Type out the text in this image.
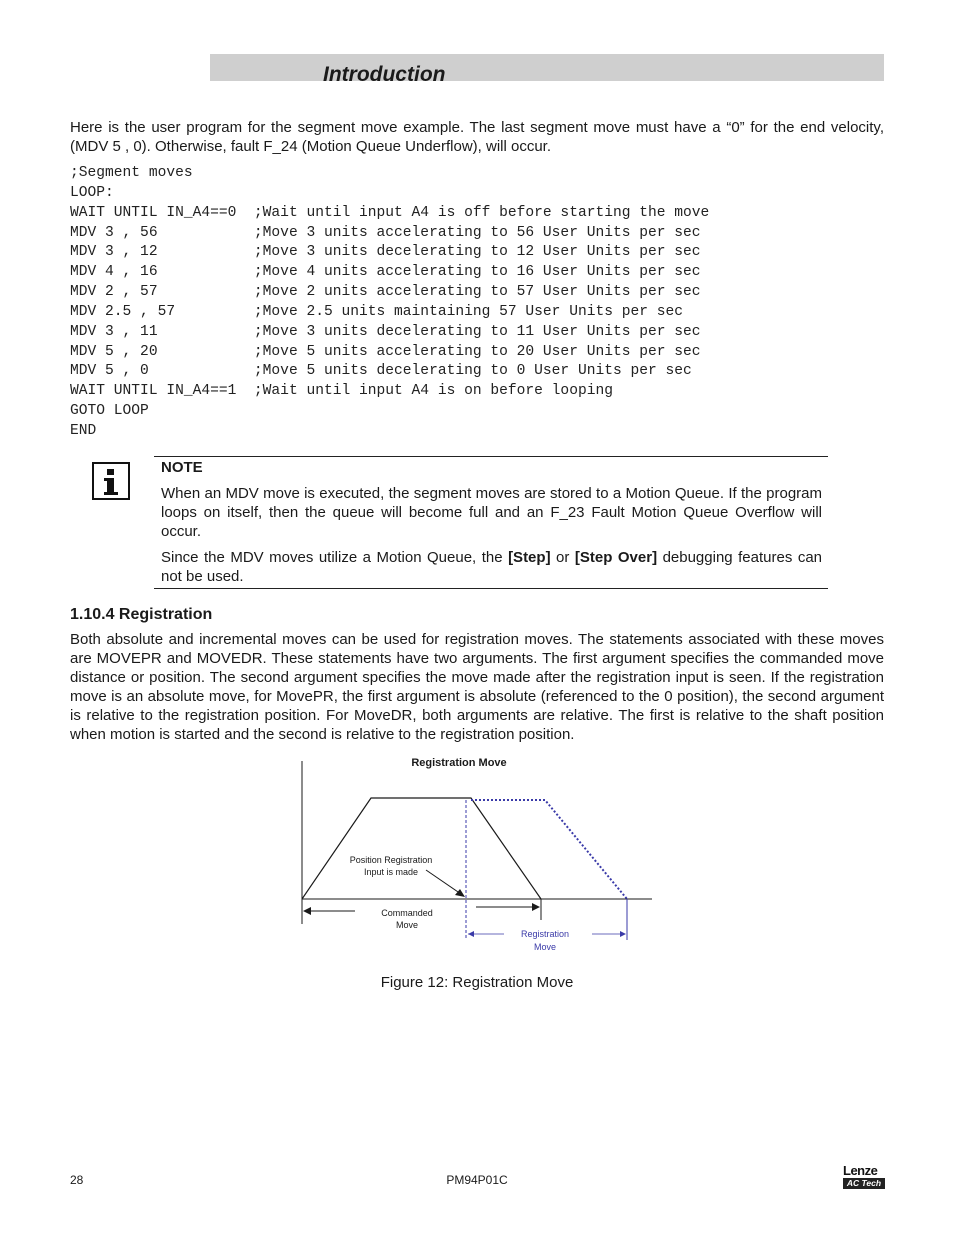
Introduction

Here is the user program for the segment move example. The last segment move must have a “0” for the end velocity, (MDV 5 , 0). Otherwise, fault F_24 (Motion Queue Underflow), will occur.

;Segment moves
LOOP:
WAIT UNTIL IN_A4==0  ;Wait until input A4 is off before starting the move
MDV 3 , 56           ;Move 3 units accelerating to 56 User Units per sec
MDV 3 , 12           ;Move 3 units decelerating to 12 User Units per sec
MDV 4 , 16           ;Move 4 units accelerating to 16 User Units per sec
MDV 2 , 57           ;Move 2 units accelerating to 57 User Units per sec
MDV 2.5 , 57         ;Move 2.5 units maintaining 57 User Units per sec
MDV 3 , 11           ;Move 3 units decelerating to 11 User Units per sec
MDV 5 , 20           ;Move 5 units accelerating to 20 User Units per sec
MDV 5 , 0            ;Move 5 units decelerating to 0 User Units per sec
WAIT UNTIL IN_A4==1  ;Wait until input A4 is on before looping
GOTO LOOP
END

NOTE

When an MDV move is executed, the segment moves are stored to a Motion Queue. If the program loops on itself, then the queue will become full and an F_23 Fault Motion Queue Overflow will occur.

Since the MDV moves utilize a Motion Queue, the [Step] or [Step Over] debugging features can not be used.

1.10.4 Registration

Both absolute and incremental moves can be used for registration moves. The statements associated with these moves are MOVEPR and MOVEDR. These statements have two arguments. The first argument specifies the commanded move distance or position. The second argument specifies the move made after the registration input is seen. If the registration move is an absolute move, for MovePR, the first argument is absolute (referenced to the 0 position), the second argument is relative to the registration position. For MoveDR, both arguments are relative. The first is relative to the shaft position when motion is started and the second is relative to the registration position.

Registration Move
Position Registration
Input is made
Commanded
Move
Registration
Move

Figure 12: Registration Move

28	PM94P01C

Lenze
AC Tech
